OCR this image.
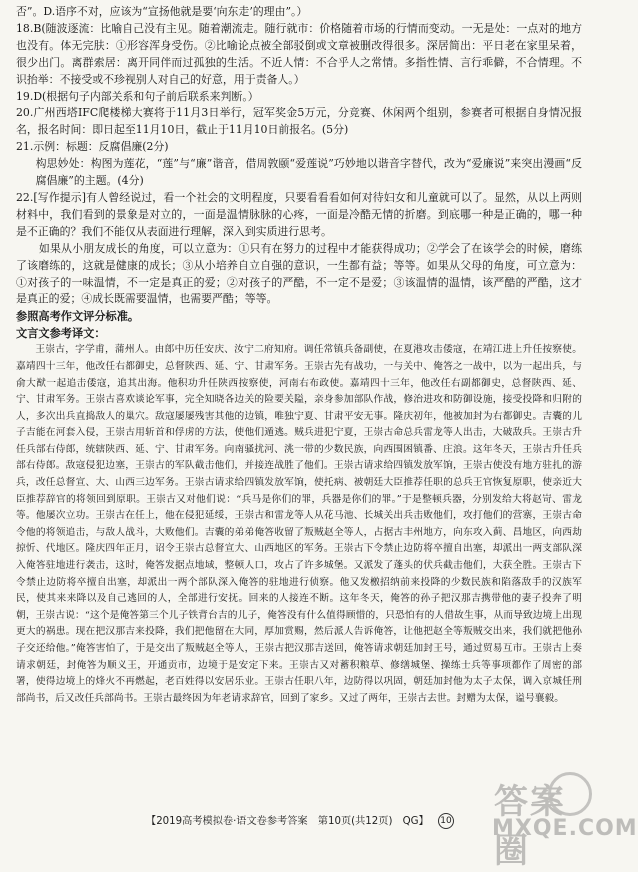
否”。D.语序不对，应该为“宣扬他就是要‘向东走’的理由”。）

18.B(随波逐流：比喻自己没有主见。随着潮流走。随行就市：价格随着市场的行情而变动。一无是处：一点对的地方也没有。体无完肤：①形容浑身受伤。②比喻论点被全部驳倒或文章被删改得很多。深居简出：平日老在家里呆着，很少出门。离群索居：离开同伴而过孤独的生活。不近人情：不合乎人之常情。多指性情、言行乖僻，不合情理。不识抬举：不接受或不珍视别人对自己的好意，用于责备人。）

19.D(根据句子内部关系和句子前后联系来判断。）

20.广州西塔IFC爬楼梯大赛将于11月3日举行，冠军奖金5万元，分竞赛、休闲两个组别，参赛者可根据自身情况报名，报名时间：即日起至11月10日，截止于11月10日前报名。(5分)

21.示例：标题：反腐倡廉(2分)

构思妙处：构图为莲花，“莲”与“廉”谐音，借周敦颐“爱莲说”巧妙地以谐音字替代，改为“爱廉说”来突出漫画“反腐倡廉”的主题。(4分)

22.[写作提示]有人曾经说过，看一个社会的文明程度，只要看看看如何对待妇女和儿童就可以了。显然，从以上两则材料中，我们看到的景象是对立的，一面是温情脉脉的心疼，一面是冷酷无情的折磨。到底哪一种是正确的，哪一种是不正确的？我们不能仅从表面进行理解，深入到实质进行思考。

如果从小朋友成长的角度，可以立意为：①只有在努力的过程中才能获得成功；②学会了在该学会的时候，磨练了该磨练的，这就是健康的成长；③从小培养自立自强的意识，一生都有益；等等。如果从父母的角度，可立意为：①对孩子的一味温情，不一定是真正的爱；②对孩子的严酷，不一定不是爱；③该温情的温情，该严酷的严酷，这才是真正的爱；④成长既需要温情，也需要严酷；等等。

参照高考作文评分标准。

文言文参考译文：

王崇古，字学甫，蒲州人。由郎中历任安庆、汝宁二府知府。调任常镇兵备副使，在夏港攻击倭寇，在靖江进上升任按察使。嘉靖四十三年，他改任右都御史，总督陕西、延、宁、甘肃军务。王崇古先有战功，一与关中、俺答之一战中，以为一起出兵，与俞大猷一起追击倭寇，追其出海。他积功升任陕西按察使，河南右布政使。嘉靖四十三年，他改任右副都御史，总督陕西、延、宁、甘肃军务。王崇古喜欢谈论军事，完全知晓各边关的险要关隘，亲身参加部队作战，修治进攻和防御设施，接受投降和归附的人，多次出兵直捣敌人的巢穴。敌寇屡屡残害其他的边镇，唯独宁夏、甘肃平安无事。隆庆初年，他被加封为右都御史。吉囊的儿子吉能在河套入侵，王崇古用斩首和俘虏的方法，使他们遁逃。贼兵进犯宁夏，王崇古命总兵雷龙等人出击，大破敌兵。王崇古升任兵部右侍郎，统辖陕西、延、宁、甘肃军务。向南骚扰河、洮一带的少数民族，向西围困镇番、庄浪。这年冬天，王崇古升任兵部右侍郎。敌寇侵犯边塞，王崇古的军队截击他们，并接连战胜了他们。王崇古请求给四镇发放军饷，王崇古使没有地方驻扎的游兵，改任总督宣、大、山西三边军务。王崇古请求给四镇发放军饷，使托病、被朝廷大臣推荐任职的总兵王官恢复原职，使亲近大臣推荐辞官的将领回到原职。王崇古又对他们说：“兵马是你们的罪，兵器是你们的罪。”于是整顿兵器，分别发给大将赵岢、雷龙等。他屡次立功。王崇古在任上，他在侵犯延绥，王崇古和雷龙等人从花马池、长城关出兵击败他们，攻打他们的营寨，王崇古命令他的将领追击，与敌人战斗，大败他们。吉囊的弟弟俺答收留了叛贼赵全等人，占据古丰州地方，向东攻入蓟、昌地区，向西劫掠忻、代地区。隆庆四年正月，诏令王崇古总督宣大、山西地区的军务。王崇古下令禁止边防将卒擅自出塞，却派出一两支部队深入俺答驻地进行袭击，这时，俺答发据点地域，整顿人口，攻占了许多城堡。又派发了蓬头的伏兵截击他们，大获全胜。王崇古下令禁止边防将卒擅自出塞，却派出一两个部队深入俺答的驻地进行侦察。他又发檄招纳前来投降的少数民族和陷落敌手的汉族军民，使其来来降以及自己逃回的人，全部进行安抚。回来的人接连不断。这年冬天，俺答的孙子把汉那吉携带他的妻子投奔了明朝，王崇古说：“这个是俺答第三个儿子铁背台吉的儿子，俺答没有什么值得顾惜的，只恐怕有的人借故生事，从而导致边境上出现更大的祸患。现在把汉那吉来投降，我们把他留在大同，厚加赏赐，然后派人告诉俺答，让他把赵全等叛贼交出来，我们就把他孙子交还给他。”俺答害怕了，于是交出了叛贼赵全等人，王崇古把汉那吉送回，俺答请求朝廷加封王号，通过贸易互市。王崇古上奏请求朝廷，封俺答为顺义王，开通贡市，边境于是安定下来。王崇古又对蓄积粮草、修缮城堡、操练士兵等事项都作了周密的部署，使得边境上的烽火不再燃起，老百姓得以安居乐业。王崇古任职八年，边防得以巩固，朝廷加封他为太子太保，调入京城任刑部尚书，后又改任兵部尚书。王崇古最终因为年老请求辞官，回到了家乡。又过了两年，王崇古去世。封赠为太保，谥号襄毅。

答案圈
MXQE.COM
【2019高考模拟卷·语文卷参考答案　第10页(共12页)　QG】 10
